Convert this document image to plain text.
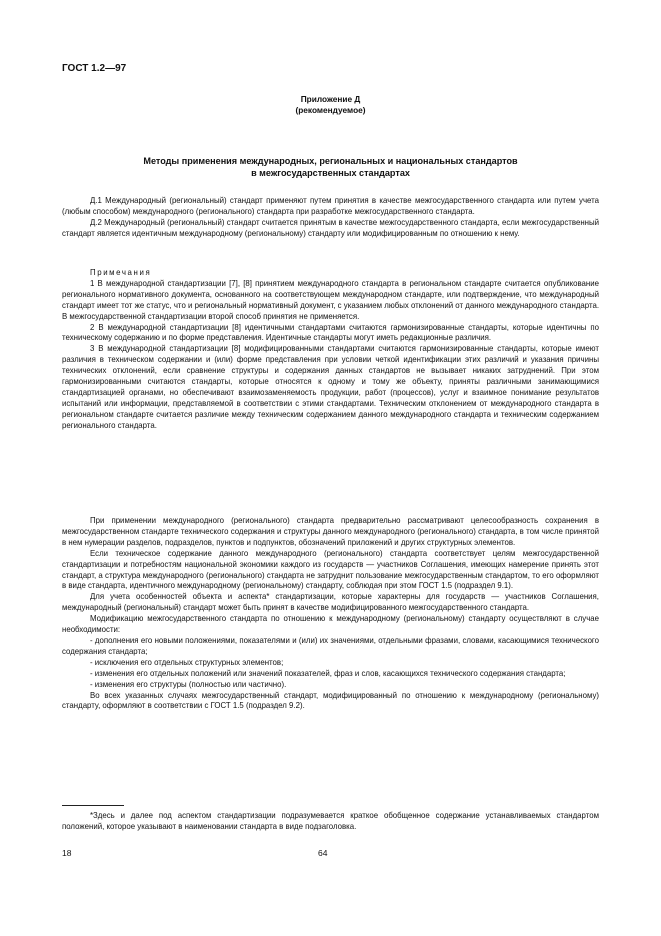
ГОСТ 1.2—97
Приложение Д
(рекомендуемое)
Методы применения международных, региональных и национальных стандартов
в межгосударственных стандартах

Д.1 Международный (региональный) стандарт применяют путем принятия в качестве межгосударственного стандарта или путем учета (любым способом) международного (регионального) стандарта при разработке межгосударственного стандарта.

Д.2 Международный (региональный) стандарт считается принятым в качестве межгосударственного стандарта, если межгосударственный стандарт является идентичным международному (региональному) стандарту или модифицированным по отношению к нему.

Примечания

1 В международной стандартизации [7], [8] принятием международного стандарта в региональном стандарте считается опубликование регионального нормативного документа, основанного на соответствующем международном стандарте, или подтверждение, что международный стандарт имеет тот же статус, что и региональный нормативный документ, с указанием любых отклонений от данного международного стандарта. В межгосударственной стандартизации второй способ принятия не применяется.

2 В международной стандартизации [8] идентичными стандартами считаются гармонизированные стандарты, которые идентичны по техническому содержанию и по форме представления. Идентичные стандарты могут иметь редакционные различия.

3 В международной стандартизации [8] модифицированными стандартами считаются гармонизированные стандарты, которые имеют различия в техническом содержании и (или) форме представления при условии четкой идентификации этих различий и указания причины технических отклонений, если сравнение структуры и содержания данных стандартов не вызывает никаких затруднений. При этом гармонизированными считаются стандарты, которые относятся к одному и тому же объекту, приняты различными занимающимися стандартизацией органами, но обеспечивают взаимозаменяемость продукции, работ (процессов), услуг и взаимное понимание результатов испытаний или информации, представляемой в соответствии с этими стандартами. Техническим отклонением от международного стандарта в региональном стандарте считается различие между техническим содержанием данного международного стандарта и техническим содержанием регионального стандарта.

При применении международного (регионального) стандарта предварительно рассматривают целесообразность сохранения в межгосударственном стандарте технического содержания и структуры данного международного (регионального) стандарта, в том числе принятой в нем нумерации разделов, подразделов, пунктов и подпунктов, обозначений приложений и других структурных элементов.

Если техническое содержание данного международного (регионального) стандарта соответствует целям межгосударственной стандартизации и потребностям национальной экономики каждого из государств — участников Соглашения, имеющих намерение принять этот стандарт, а структура международного (регионального) стандарта не затруднит пользование межгосударственным стандартом, то его оформляют в виде стандарта, идентичного международному (региональному) стандарту, соблюдая при этом ГОСТ 1.5 (подраздел 9.1).

Для учета особенностей объекта и аспекта* стандартизации, которые характерны для государств — участников Соглашения, международный (региональный) стандарт может быть принят в качестве модифицированного межгосударственного стандарта.

Модификацию межгосударственного стандарта по отношению к международному (региональному) стандарту осуществляют в случае необходимости:

- дополнения его новыми положениями, показателями и (или) их значениями, отдельными фразами, словами, касающимися технического содержания стандарта;

- исключения его отдельных структурных элементов;

- изменения его отдельных положений или значений показателей, фраз и слов, касающихся технического содержания стандарта;

- изменения его структуры (полностью или частично).

Во всех указанных случаях межгосударственный стандарт, модифицированный по отношению к международному (региональному) стандарту, оформляют в соответствии с ГОСТ 1.5 (подраздел 9.2).

*Здесь и далее под аспектом стандартизации подразумевается краткое обобщенное содержание устанавливаемых стандартом положений, которое указывают в наименовании стандарта в виде подзаголовка.
18	64
